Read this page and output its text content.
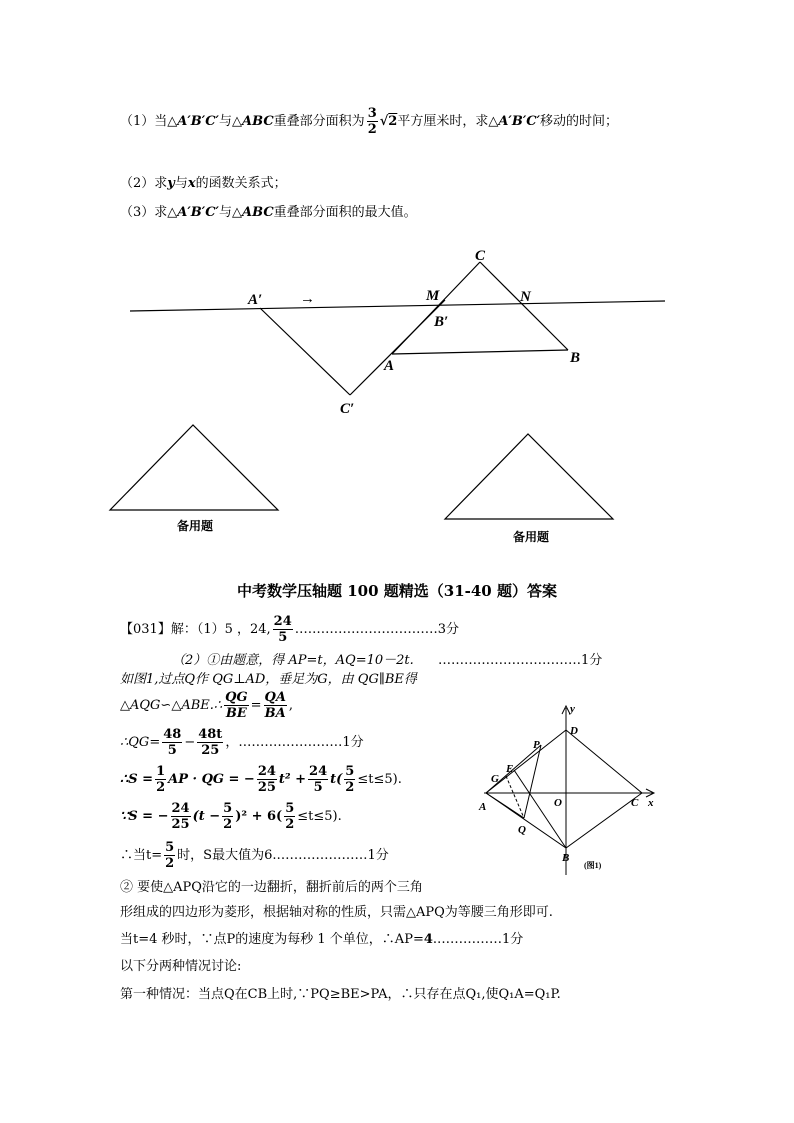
（1）当△A′B′C′与△ABC重叠部分面积为 $\frac{3}{2} √2$平方厘米时，求△A′B′C′移动的时间；
（2）求y与x的函数关系式；
（3）求△A′B′C′与△ABC重叠部分面积的最大值。
C
A′	→	M	N
B′
A	B
C′
备用题
备用题
中考数学压轴题 100 题精选（31-40 题）答案
【031】解：（1）5 ，24, $\frac{24}{5}$ ……………………………3分
（2）①由题意，得 AP=t，AQ=10－2t. ……………………………1分
如图1,过点Q作 QG⊥AD，垂足为G，由 QG∥BE得
△AQG∽△ABE.∴ $\frac{QG}{BE} = \frac{QA}{BA}$ ,
∴QG= $\frac{48}{5} - \frac{48t}{25}$ ，……………………1分
∴S = $\frac{1}{2}$ AP · QG = − $\frac{24}{25} t^2 + \frac{24}{5} t( \frac{5}{2} \le t\le 5)$.
∵S = − $\frac{24}{25} (t - \frac{5}{2} )^2 + 6( \frac{5}{2} \le t\le 5)$.
∴当$t= \frac{5}{2}$ 时，S最大值为6.…………………1分
② 要使△APQ沿它的一边翻折，翻折前后的两个三角
形组成的四边形为菱形，根据轴对称的性质，只需△APQ为等腰三角形即可.
当t=4 秒时，∵点P的速度为每秒 1 个单位，∴AP=4.……………1分
以下分两种情况讨论:
第一种情况：当点Q在CB上时,∵PQ≥BE>PA，∴只存在点Q₁,使Q₁A=Q₁P.
y
x
D
P
E
G
A	O	C
Q
B
(图1)
